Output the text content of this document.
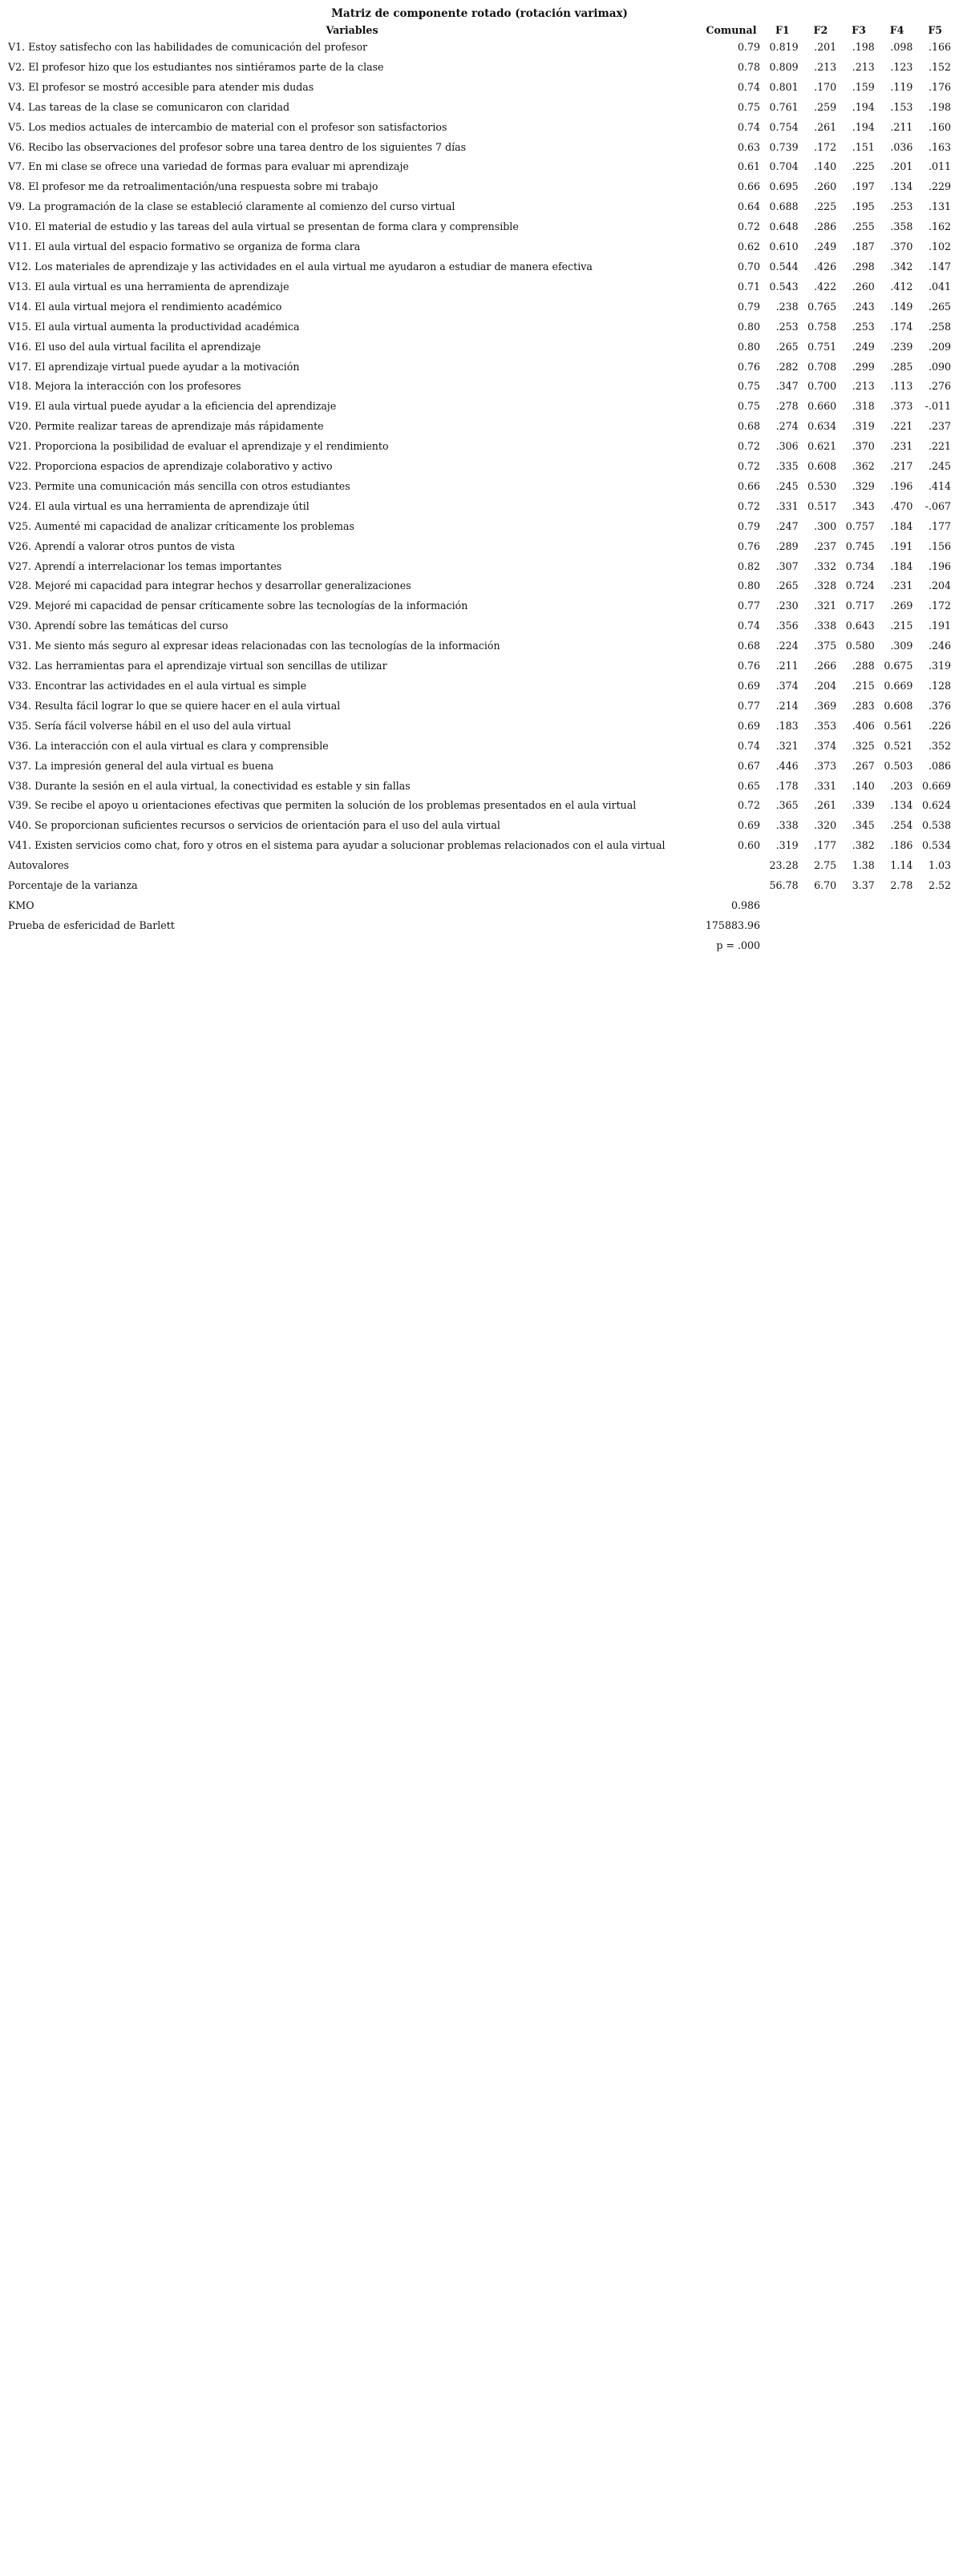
Matriz de componente rotado (rotación varimax)
Variables	Comunal	F1	F2	F3	F4	F5
V1. Estoy satisfecho con las habilidades de comunicación del profesor	0.79	0.819	.201	.198	.098	.166
V2. El profesor hizo que los estudiantes nos sintiéramos parte de la clase	0.78	0.809	.213	.213	.123	.152
V3. El profesor se mostró accesible para atender mis dudas	0.74	0.801	.170	.159	.119	.176
V4. Las tareas de la clase se comunicaron con claridad	0.75	0.761	.259	.194	.153	.198
V5. Los medios actuales de intercambio de material con el profesor son satisfactorios	0.74	0.754	.261	.194	.211	.160
V6. Recibo las observaciones del profesor sobre una tarea dentro de los siguientes 7 días	0.63	0.739	.172	.151	.036	.163
V7. En mi clase se ofrece una variedad de formas para evaluar mi aprendizaje	0.61	0.704	.140	.225	.201	.011
V8. El profesor me da retroalimentación/una respuesta sobre mi trabajo	0.66	0.695	.260	.197	.134	.229
V9. La programación de la clase se estableció claramente al comienzo del curso virtual	0.64	0.688	.225	.195	.253	.131
V10. El material de estudio y las tareas del aula virtual se presentan de forma clara y comprensible	0.72	0.648	.286	.255	.358	.162
V11. El aula virtual del espacio formativo se organiza de forma clara	0.62	0.610	.249	.187	.370	.102
V12. Los materiales de aprendizaje y las actividades en el aula virtual me ayudaron a estudiar de manera efectiva	0.70	0.544	.426	.298	.342	.147
V13. El aula virtual es una herramienta de aprendizaje	0.71	0.543	.422	.260	.412	.041
V14. El aula virtual mejora el rendimiento académico	0.79	.238	0.765	.243	.149	.265
V15. El aula virtual aumenta la productividad académica	0.80	.253	0.758	.253	.174	.258
V16. El uso del aula virtual facilita el aprendizaje	0.80	.265	0.751	.249	.239	.209
V17. El aprendizaje virtual puede ayudar a la motivación	0.76	.282	0.708	.299	.285	.090
V18. Mejora la interacción con los profesores	0.75	.347	0.700	.213	.113	.276
V19. El aula virtual puede ayudar a la eficiencia del aprendizaje	0.75	.278	0.660	.318	.373	-.011
V20. Permite realizar tareas de aprendizaje más rápidamente	0.68	.274	0.634	.319	.221	.237
V21. Proporciona la posibilidad de evaluar el aprendizaje y el rendimiento	0.72	.306	0.621	.370	.231	.221
V22. Proporciona espacios de aprendizaje colaborativo y activo	0.72	.335	0.608	.362	.217	.245
V23. Permite una comunicación más sencilla con otros estudiantes	0.66	.245	0.530	.329	.196	.414
V24. El aula virtual es una herramienta de aprendizaje útil	0.72	.331	0.517	.343	.470	-.067
V25. Aumenté mi capacidad de analizar críticamente los problemas	0.79	.247	.300	0.757	.184	.177
V26. Aprendí a valorar otros puntos de vista	0.76	.289	.237	0.745	.191	.156
V27. Aprendí a interrelacionar los temas importantes	0.82	.307	.332	0.734	.184	.196
V28. Mejoré mi capacidad para integrar hechos y desarrollar generalizaciones	0.80	.265	.328	0.724	.231	.204
V29. Mejoré mi capacidad de pensar críticamente sobre las tecnologías de la información	0.77	.230	.321	0.717	.269	.172
V30. Aprendí sobre las temáticas del curso	0.74	.356	.338	0.643	.215	.191
V31. Me siento más seguro al expresar ideas relacionadas con las tecnologías de la información	0.68	.224	.375	0.580	.309	.246
V32. Las herramientas para el aprendizaje virtual son sencillas de utilizar	0.76	.211	.266	.288	0.675	.319
V33. Encontrar las actividades en el aula virtual es simple	0.69	.374	.204	.215	0.669	.128
V34. Resulta fácil lograr lo que se quiere hacer en el aula virtual	0.77	.214	.369	.283	0.608	.376
V35. Sería fácil volverse hábil en el uso del aula virtual	0.69	.183	.353	.406	0.561	.226
V36. La interacción con el aula virtual es clara y comprensible	0.74	.321	.374	.325	0.521	.352
V37. La impresión general del aula virtual es buena	0.67	.446	.373	.267	0.503	.086
V38. Durante la sesión en el aula virtual, la conectividad es estable y sin fallas	0.65	.178	.331	.140	.203	0.669
V39. Se recibe el apoyo u orientaciones efectivas que permiten la solución de los problemas presentados en el aula virtual	0.72	.365	.261	.339	.134	0.624
V40. Se proporcionan suficientes recursos o servicios de orientación para el uso del aula virtual	0.69	.338	.320	.345	.254	0.538
V41. Existen servicios como chat, foro y otros en el sistema para ayudar a solucionar problemas relacionados con el aula virtual	0.60	.319	.177	.382	.186	0.534
Autovalores		23.28	2.75	1.38	1.14	1.03
Porcentaje de la varianza		56.78	6.70	3.37	2.78	2.52
KMO	0.986					
Prueba de esfericidad de Barlett	175883.96					
	p = .000					
